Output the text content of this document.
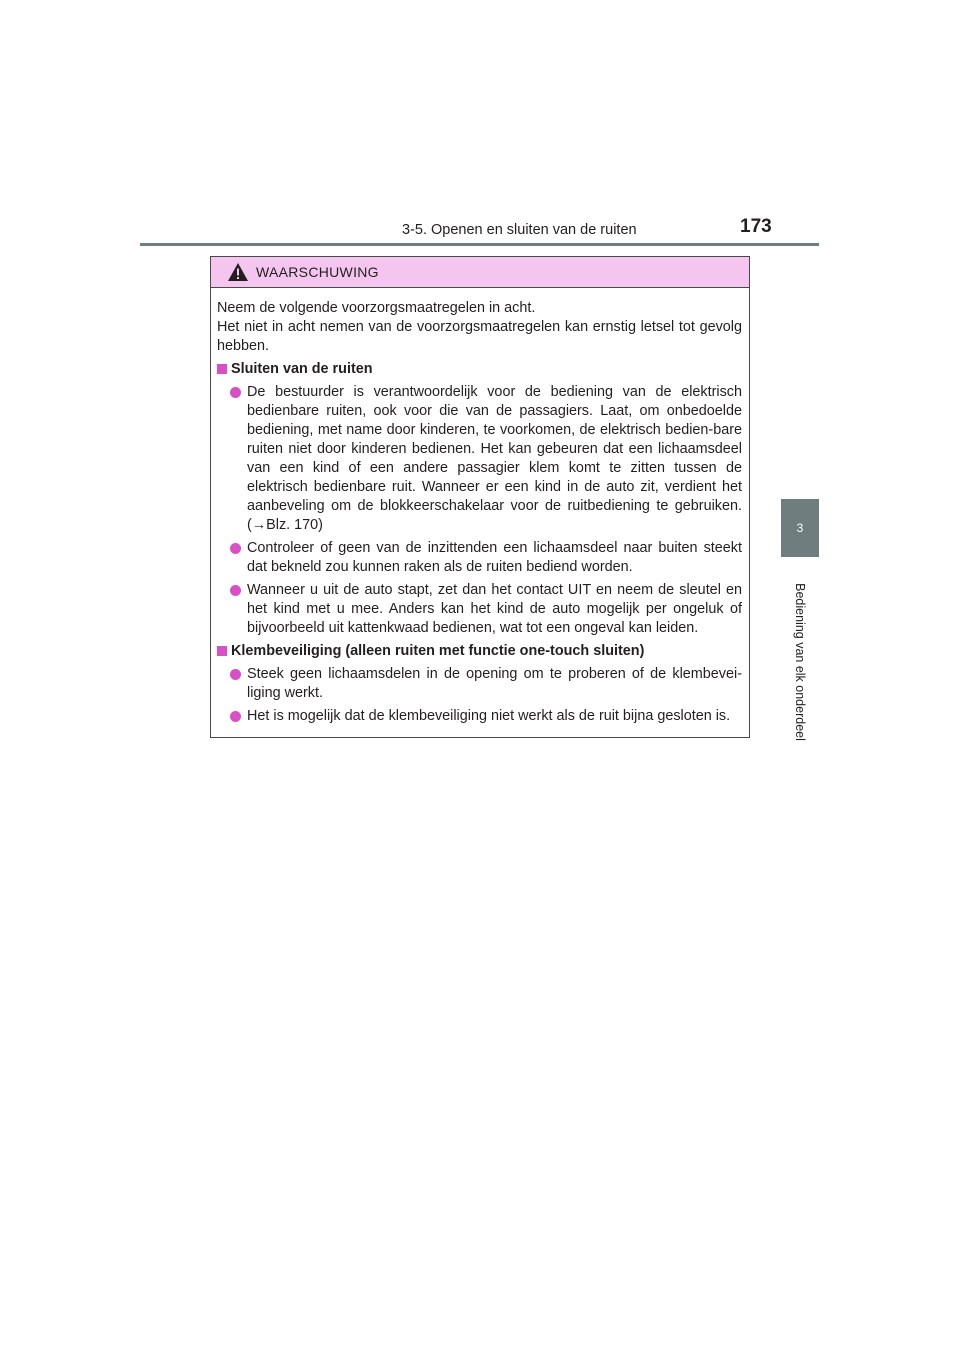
3-5. Openen en sluiten van de ruiten	173
3
Bediening van elk onderdeel
WAARSCHUWING

Neem de volgende voorzorgsmaatregelen in acht.

Het niet in acht nemen van de voorzorgsmaatregelen kan ernstig letsel tot gevolg hebben.

Sluiten van de ruiten
De bestuurder is verantwoordelijk voor de bediening van de elektrisch bedienbare ruiten, ook voor die van de passagiers. Laat, om onbedoelde bediening, met name door kinderen, te voorkomen, de elektrisch bedien-bare ruiten niet door kinderen bedienen. Het kan gebeuren dat een lichaamsdeel van een kind of een andere passagier klem komt te zitten tussen de elektrisch bedienbare ruit. Wanneer er een kind in de auto zit, verdient het aanbeveling om de blokkeerschakelaar voor de ruitbediening te gebruiken. (→Blz. 170)
Controleer of geen van de inzittenden een lichaamsdeel naar buiten steekt dat bekneld zou kunnen raken als de ruiten bediend worden.
Wanneer u uit de auto stapt, zet dan het contact UIT en neem de sleutel en het kind met u mee. Anders kan het kind de auto mogelijk per ongeluk of bijvoorbeeld uit kattenkwaad bedienen, wat tot een ongeval kan leiden.
Klembeveiliging (alleen ruiten met functie one-touch sluiten)
Steek geen lichaamsdelen in de opening om te proberen of de klembevei-liging werkt.
Het is mogelijk dat de klembeveiliging niet werkt als de ruit bijna gesloten is.
